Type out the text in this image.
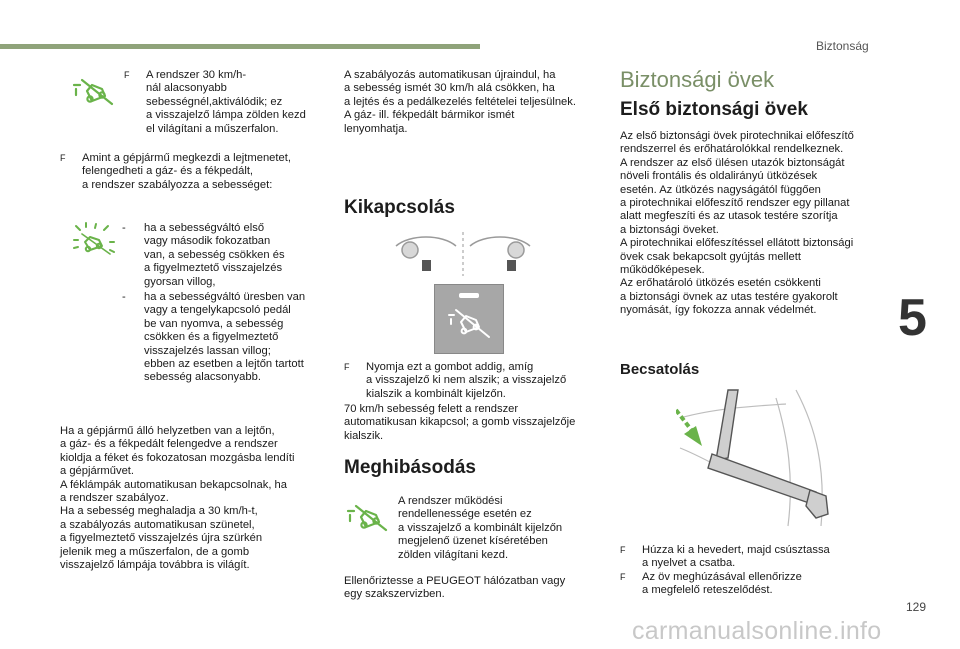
Biztonság
5
129
carmanualsonline.info
F	A rendszer 30 km/h-
nál alacsonyabb
sebességnél,aktiválódik; ez
a visszajelző lámpa zölden kezd
el világítani a műszerfalon.
F	Amint a gépjármű megkezdi a lejtmenetet,
felengedheti a gáz- és a fékpedált,
a rendszer szabályozza a sebességet:
-	ha a sebességváltó első
vagy második fokozatban
van, a sebesség csökken és
a figyelmeztető visszajelzés
gyorsan villog,
-	ha a sebességváltó üresben van
vagy a tengelykapcsoló pedál
be van nyomva, a sebesség
csökken és a figyelmeztető
visszajelzés lassan villog;
ebben az esetben a lejtőn tartott
sebesség alacsonyabb.
Ha a gépjármű álló helyzetben van a lejtőn,
a gáz- és a fékpedált felengedve a rendszer
kioldja a féket és fokozatosan mozgásba lendíti
a gépjárművet.
A féklámpák automatikusan bekapcsolnak, ha
a rendszer szabályoz.
Ha a sebesség meghaladja a 30 km/h-t,
a szabályozás automatikusan szünetel,
a figyelmeztető visszajelzés újra szürkén
jelenik meg a műszerfalon, de a gomb
visszajelző lámpája továbbra is világít.
A szabályozás automatikusan újraindul, ha
a sebesség ismét 30 km/h alá csökken, ha
a lejtés és a pedálkezelés feltételei teljesülnek.
A gáz- ill. fékpedált bármikor ismét
lenyomhatja.
Kikapcsolás
F	Nyomja ezt a gombot addig, amíg
a visszajelző ki nem alszik; a visszajelző
kialszik a kombinált kijelzőn.
70 km/h sebesség felett a rendszer
automatikusan kikapcsol; a gomb visszajelzője
kialszik.
Meghibásodás
A rendszer működési
rendellenessége esetén ez
a visszajelző a kombinált kijelzőn
megjelenő üzenet kíséretében
zölden világítani kezd.
Ellenőriztesse a PEUGEOT hálózatban vagy
egy szakszervizben.
Biztonsági övek
Első biztonsági övek
Az első biztonsági övek pirotechnikai előfeszítő
rendszerrel és erőhatárolókkal rendelkeznek.
A rendszer az első ülésen utazók biztonságát
növeli frontális és oldalirányú ütközések
esetén. Az ütközés nagyságától függően
a pirotechnikai előfeszítő rendszer egy pillanat
alatt megfeszíti és az utasok testére szorítja
a biztonsági öveket.
A pirotechnikai előfeszítéssel ellátott biztonsági
övek csak bekapcsolt gyújtás mellett
működőképesek.
Az erőhatároló ütközés esetén csökkenti
a biztonsági övnek az utas testére gyakorolt
nyomását, így fokozza annak védelmét.
Becsatolás
F	Húzza ki a hevedert, majd csúsztassa
a nyelvet a csatba.
F	Az öv meghúzásával ellenőrizze
a megfelelő reteszelődést.
